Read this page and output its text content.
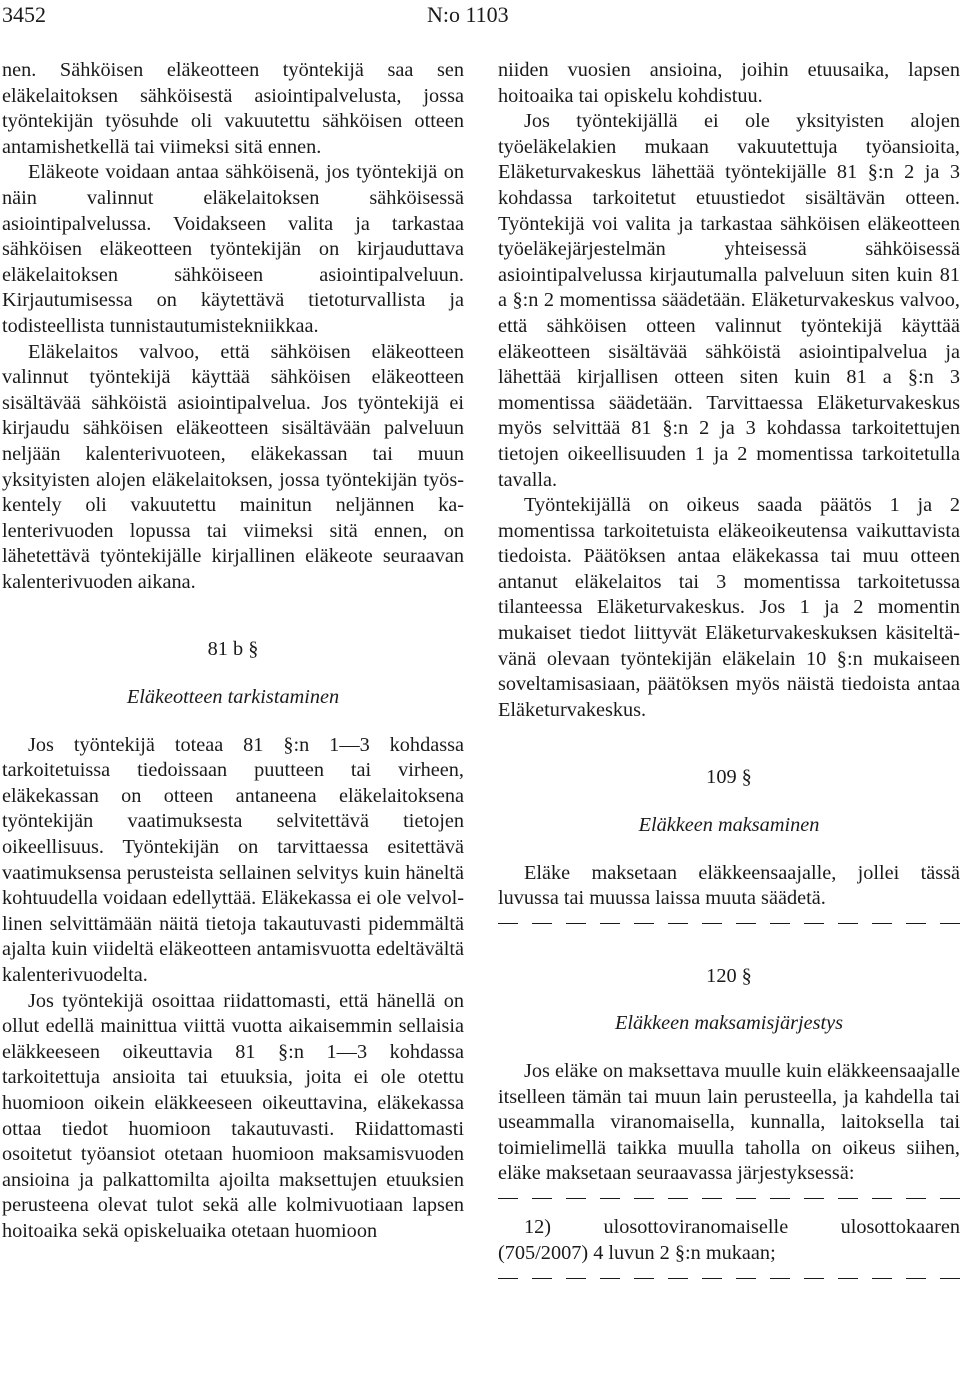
3452	N:o 1103

nen. Sähköisen eläkeotteen työntekijä saa sen eläkelaitoksen sähköisestä asiointipalvelusta, jossa työntekijän työsuhde oli vakuutettu sähköisen otteen antamishetkellä tai viimeksi sitä ennen.

Eläkeote voidaan antaa sähköisenä, jos työntekijä on näin valinnut eläkelaitoksen sähköisessä asiointipalvelussa. Voidakseen valita ja tarkastaa sähköisen eläkeotteen työntekijän on kirjauduttava eläkelaitoksen sähköiseen asiointipalveluun. Kirjautumisessa on käytettävä tietoturvallista ja todisteellista tunnistautumistekniikkaa.

Eläkelaitos valvoo, että sähköisen eläkeotteen valinnut työntekijä käyttää sähköisen eläkeotteen sisältävää sähköistä asiointipalvelua. Jos työntekijä ei kirjaudu sähköisen eläkeotteen sisältävään palveluun neljään kalenterivuoteen, eläkekassan tai muun yksityisten alojen eläkelaitoksen, jossa työntekijän työskentely oli vakuutettu mainitun neljännen kalenterivuoden lopussa tai viimeksi sitä ennen, on lähetettävä työntekijälle kirjallinen eläkeote seuraavan kalenterivuoden aikana.

81 b §
Eläkeotteen tarkistaminen

Jos työntekijä toteaa 81 §:n 1—3 kohdassa tarkoitetuissa tiedoissaan puutteen tai virheen, eläkekassan on otteen antaneena eläkelaitoksena työntekijän vaatimuksesta selvitettävä tietojen oikeellisuus. Työntekijän on tarvittaessa esitettävä vaatimuksensa perusteista sellainen selvitys kuin häneltä kohtuudella voidaan edellyttää. Eläkekassa ei ole velvollinen selvittämään näitä tietoja takautuvasti pidemmältä ajalta kuin viideltä eläkeotteen antamisvuotta edeltävältä kalenterivuodelta.

Jos työntekijä osoittaa riidattomasti, että hänellä on ollut edellä mainittua viittä vuotta aikaisemmin sellaisia eläkkeeseen oikeuttavia 81 §:n 1—3 kohdassa tarkoitettuja ansioita tai etuuksia, joita ei ole otettu huomioon oikein eläkkeeseen oikeuttavina, eläkekassa ottaa tiedot huomioon takautuvasti. Riidattomasti osoitetut työansiot otetaan huomioon maksamisvuoden ansioina ja palkattomilta ajoilta maksettujen etuuksien perusteena olevat tulot sekä alle kolmivuotiaan lapsen hoitoaika sekä opiskeluaika otetaan huomioon

niiden vuosien ansioina, joihin etuusaika, lapsen hoitoaika tai opiskelu kohdistuu.

Jos työntekijällä ei ole yksityisten alojen työeläkelakien mukaan vakuutettuja työansioita, Eläketurvakeskus lähettää työntekijälle 81 §:n 2 ja 3 kohdassa tarkoitetut etuustiedot sisältävän otteen. Työntekijä voi valita ja tarkastaa sähköisen eläkeotteen työeläkejärjestelmän yhteisessä sähköisessä asiointipalvelussa kirjautumalla palveluun siten kuin 81 a §:n 2 momentissa säädetään. Eläketurvakeskus valvoo, että sähköisen otteen valinnut työntekijä käyttää eläkeotteen sisältävää sähköistä asiointipalvelua ja lähettää kirjallisen otteen siten kuin 81 a §:n 3 momentissa säädetään. Tarvittaessa Eläketurvakeskus myös selvittää 81 §:n 2 ja 3 kohdassa tarkoitettujen tietojen oikeellisuuden 1 ja 2 momentissa tarkoitetulla tavalla.

Työntekijällä on oikeus saada päätös 1 ja 2 momentissa tarkoitetuista eläkeoikeutensa vaikuttavista tiedoista. Päätöksen antaa eläkekassa tai muu otteen antanut eläkelaitos tai 3 momentissa tarkoitetussa tilanteessa Eläketurvakeskus. Jos 1 ja 2 momentin mukaiset tiedot liittyvät Eläketurvakeskuksen käsiteltävänä olevaan työntekijän eläkelain 10 §:n mukaiseen soveltamisasiaan, päätöksen myös näistä tiedoista antaa Eläketurvakeskus.

109 §
Eläkkeen maksaminen

Eläke maksetaan eläkkeensaajalle, jollei tässä luvussa tai muussa laissa muuta säädetä.

120 §
Eläkkeen maksamisjärjestys

Jos eläke on maksettava muulle kuin eläkkeensaajalle itselleen tämän tai muun lain perusteella, ja kahdella tai useammalla viranomaisella, kunnalla, laitoksella tai toimielimellä taikka muulla taholla on oikeus siihen, eläke maksetaan seuraavassa järjestyksessä:

12) ulosottoviranomaiselle ulosottokaaren (705/2007) 4 luvun 2 §:n mukaan;
